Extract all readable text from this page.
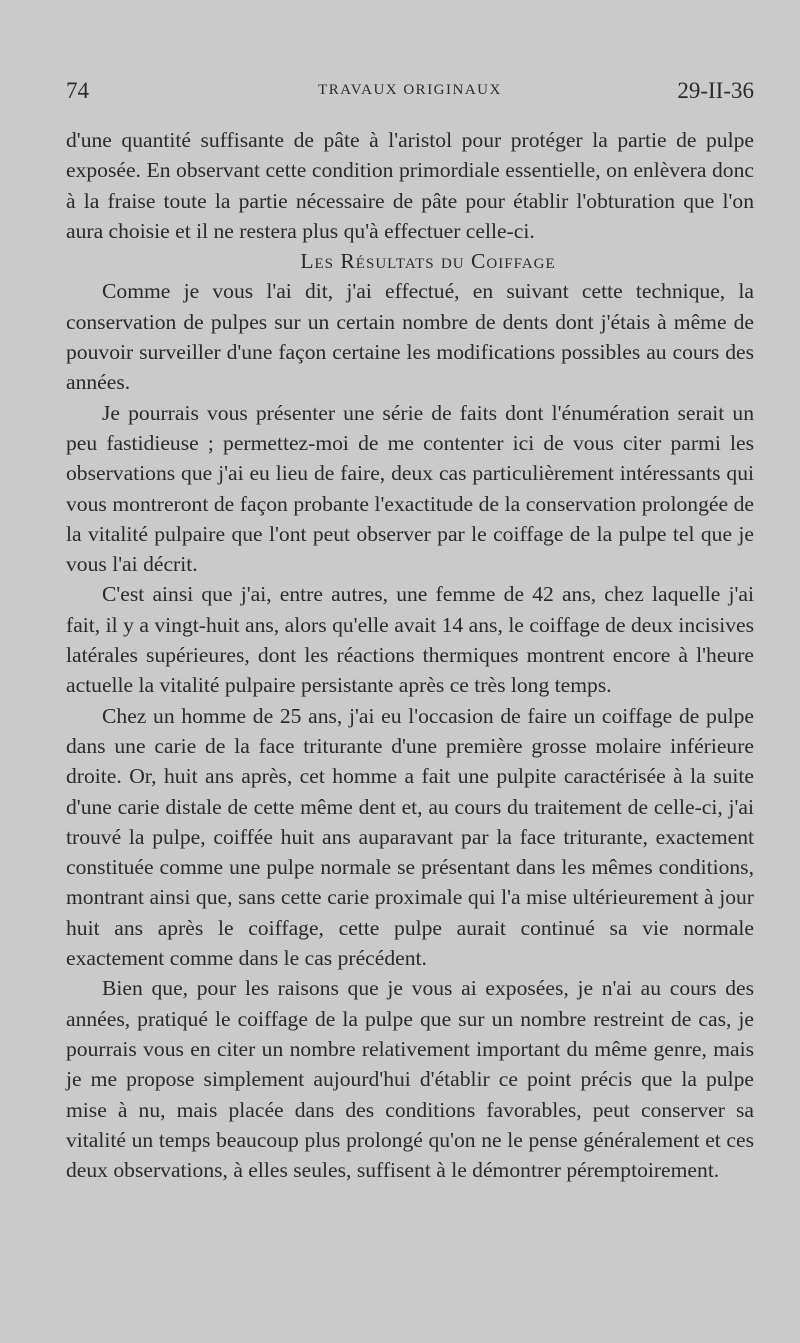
74	TRAVAUX ORIGINAUX	29-II-36

d'une quantité suffisante de pâte à l'aristol pour protéger la partie de pulpe exposée. En observant cette condition primordiale essentielle, on enlèvera donc à la fraise toute la partie nécessaire de pâte pour établir l'obturation que l'on aura choisie et il ne restera plus qu'à effectuer celle-ci.

Les Résultats du Coiffage

Comme je vous l'ai dit, j'ai effectué, en suivant cette technique, la conservation de pulpes sur un certain nombre de dents dont j'étais à même de pouvoir surveiller d'une façon certaine les modifications possibles au cours des années.

Je pourrais vous présenter une série de faits dont l'énumération serait un peu fastidieuse ; permettez-moi de me contenter ici de vous citer parmi les observations que j'ai eu lieu de faire, deux cas particulièrement intéressants qui vous montreront de façon probante l'exactitude de la conservation prolongée de la vitalité pulpaire que l'ont peut observer par le coiffage de la pulpe tel que je vous l'ai décrit.

C'est ainsi que j'ai, entre autres, une femme de 42 ans, chez laquelle j'ai fait, il y a vingt-huit ans, alors qu'elle avait 14 ans, le coiffage de deux incisives latérales supérieures, dont les réactions thermiques montrent encore à l'heure actuelle la vitalité pulpaire persistante après ce très long temps.

Chez un homme de 25 ans, j'ai eu l'occasion de faire un coiffage de pulpe dans une carie de la face triturante d'une première grosse molaire inférieure droite. Or, huit ans après, cet homme a fait une pulpite caractérisée à la suite d'une carie distale de cette même dent et, au cours du traitement de celle-ci, j'ai trouvé la pulpe, coiffée huit ans auparavant par la face triturante, exactement constituée comme une pulpe normale se présentant dans les mêmes conditions, montrant ainsi que, sans cette carie proximale qui l'a mise ultérieurement à jour huit ans après le coiffage, cette pulpe aurait continué sa vie normale exactement comme dans le cas précédent.

Bien que, pour les raisons que je vous ai exposées, je n'ai au cours des années, pratiqué le coiffage de la pulpe que sur un nombre restreint de cas, je pourrais vous en citer un nombre relativement important du même genre, mais je me propose simplement aujourd'hui d'établir ce point précis que la pulpe mise à nu, mais placée dans des conditions favorables, peut conserver sa vitalité un temps beaucoup plus prolongé qu'on ne le pense généralement et ces deux observations, à elles seules, suffisent à le démontrer péremptoirement.
